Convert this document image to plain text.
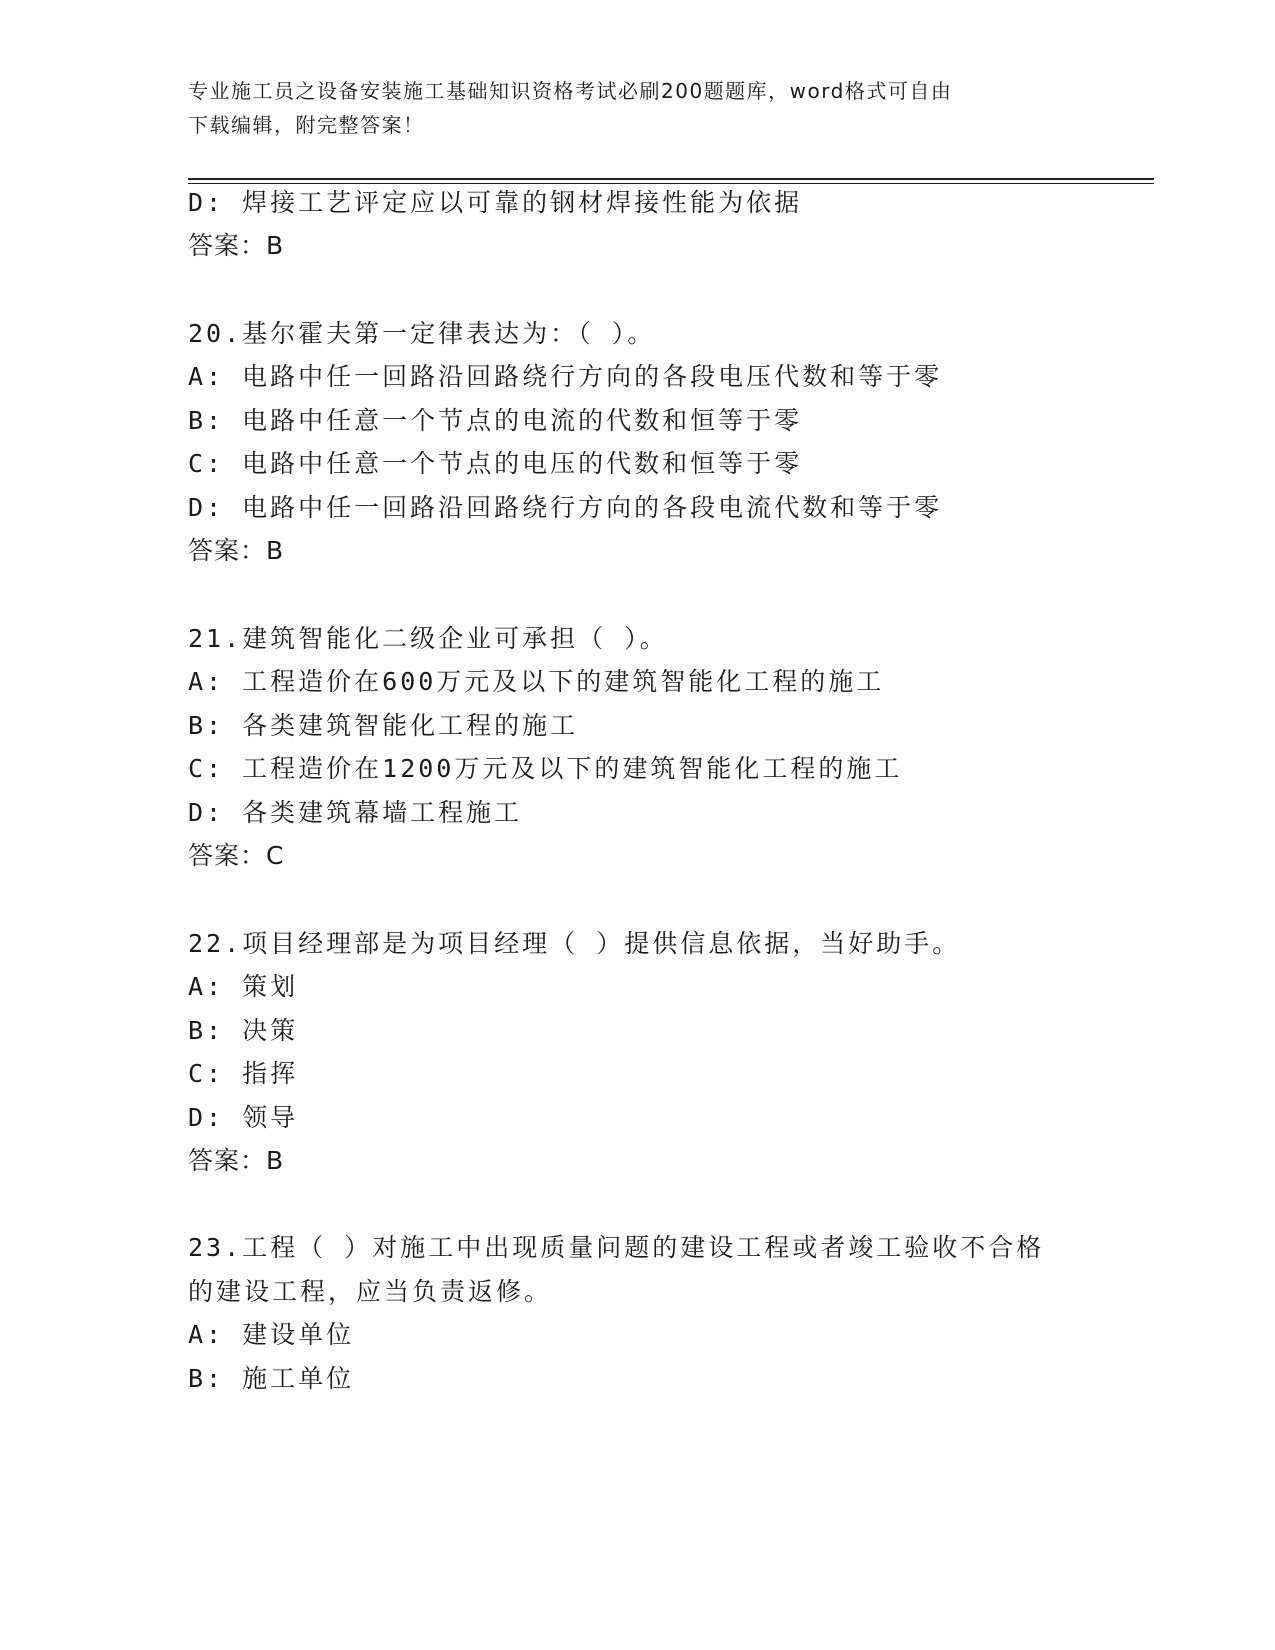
专业施工员之设备安装施工基础知识资格考试必刷200题题库，word格式可自由
下载编辑，附完整答案！
D: 焊接工艺评定应以可靠的钢材焊接性能为依据
答案：B
20.基尔霍夫第一定律表达为：（ ）。
A: 电路中任一回路沿回路绕行方向的各段电压代数和等于零
B: 电路中任意一个节点的电流的代数和恒等于零
C: 电路中任意一个节点的电压的代数和恒等于零
D: 电路中任一回路沿回路绕行方向的各段电流代数和等于零
答案：B
21.建筑智能化二级企业可承担（ ）。
A: 工程造价在600万元及以下的建筑智能化工程的施工
B: 各类建筑智能化工程的施工
C: 工程造价在1200万元及以下的建筑智能化工程的施工
D: 各类建筑幕墙工程施工
答案：C
22.项目经理部是为项目经理（ ）提供信息依据，当好助手。
A: 策划
B: 决策
C: 指挥
D: 领导
答案：B
23.工程（ ）对施工中出现质量问题的建设工程或者竣工验收不合格
的建设工程，应当负责返修。
A: 建设单位
B: 施工单位
